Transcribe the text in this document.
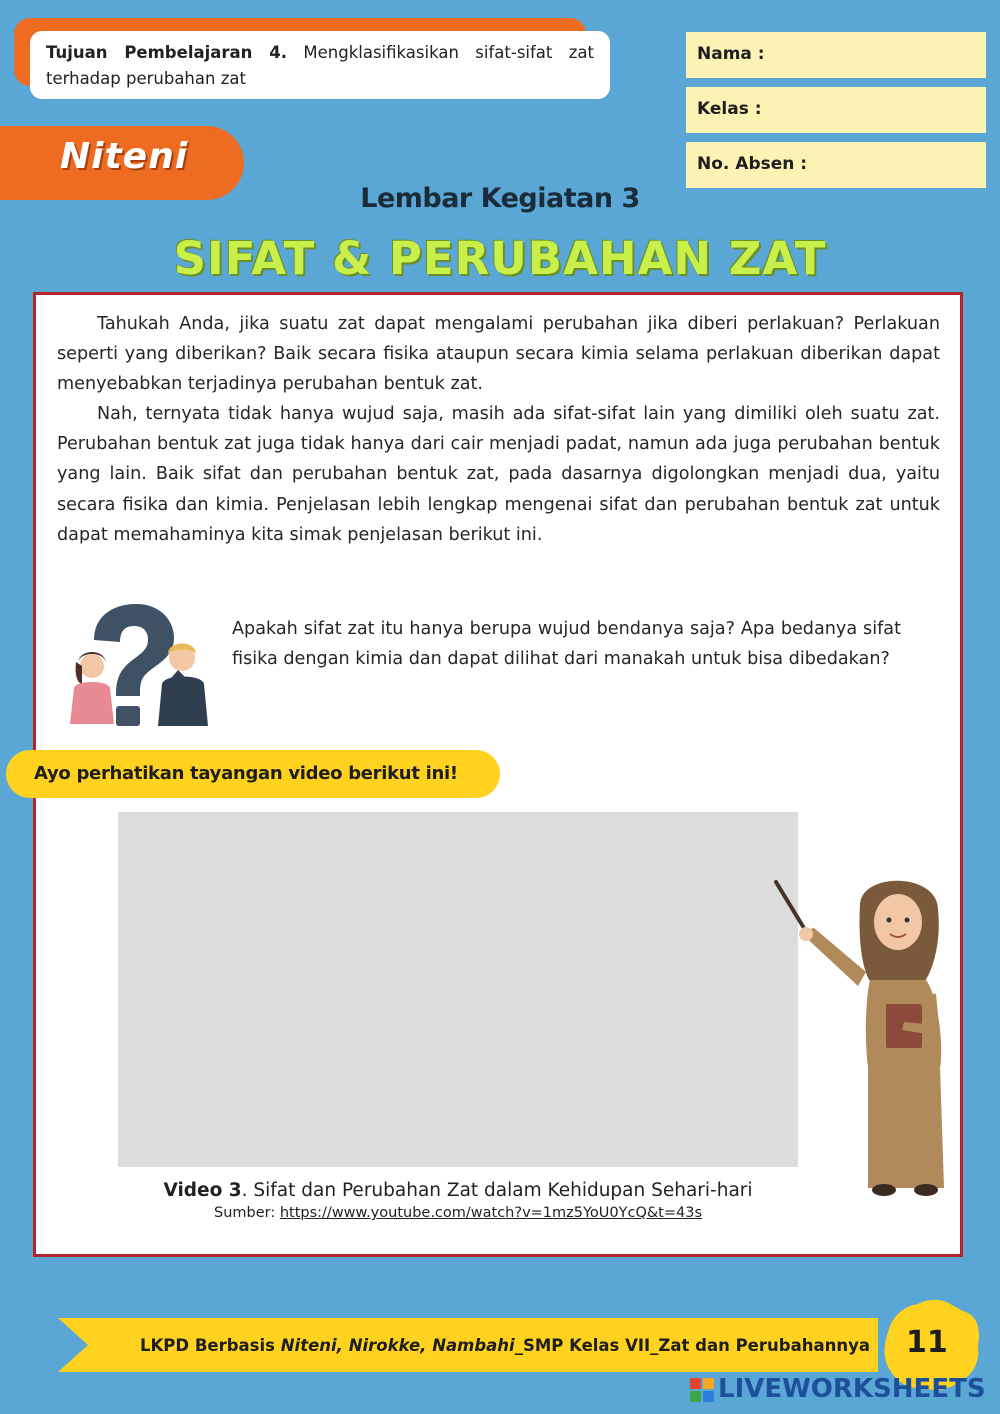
Tujuan Pembelajaran 4. Mengklasifikasikan sifat-sifat zat terhadap perubahan zat
Nama :
Kelas :
No. Absen :
Niteni
Lembar Kegiatan 3
SIFAT & PERUBAHAN ZAT
Tahukah Anda, jika suatu zat dapat mengalami perubahan jika diberi perlakuan? Perlakuan seperti yang diberikan? Baik secara fisika ataupun secara kimia selama perlakuan diberikan dapat menyebabkan terjadinya perubahan bentuk zat.
Nah, ternyata tidak hanya wujud saja, masih ada sifat-sifat lain yang dimiliki oleh suatu zat. Perubahan bentuk zat juga tidak hanya dari cair menjadi padat, namun ada juga perubahan bentuk yang lain. Baik sifat dan perubahan bentuk zat, pada dasarnya digolongkan menjadi dua, yaitu secara fisika dan kimia. Penjelasan lebih lengkap mengenai sifat dan perubahan bentuk zat untuk dapat memahaminya kita simak penjelasan berikut ini.
Apakah sifat zat itu hanya berupa wujud bendanya saja? Apa bedanya sifat fisika dengan kimia dan dapat dilihat dari manakah untuk bisa dibedakan?
Ayo perhatikan tayangan video berikut ini!
Video 3. Sifat dan Perubahan Zat dalam Kehidupan Sehari-hari
Sumber: https://www.youtube.com/watch?v=1mz5YoU0YcQ&t=43s
LKPD Berbasis Niteni, Nirokke, Nambahi_SMP Kelas VII_Zat dan Perubahannya 11
LIVEWORKSHEETS
